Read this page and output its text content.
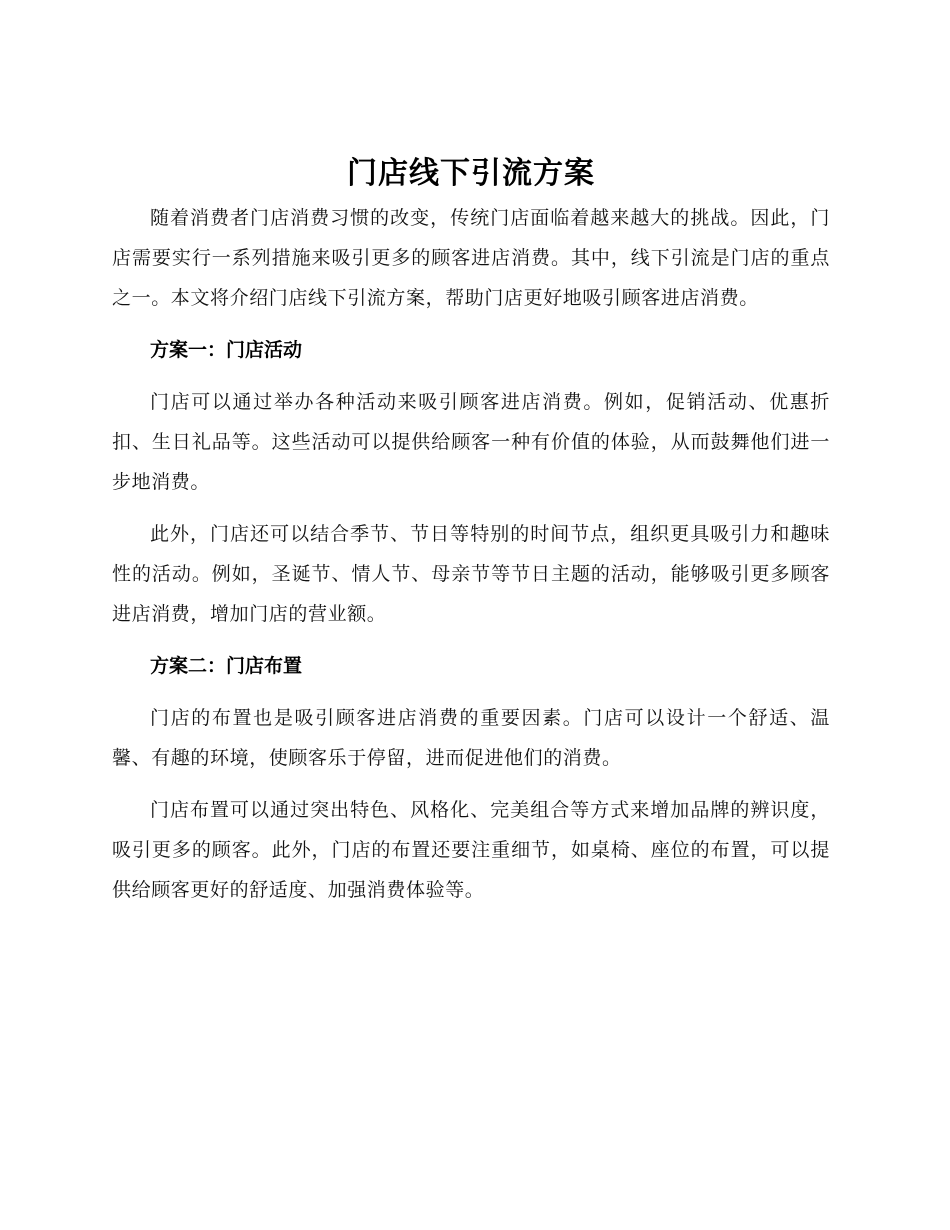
门店线下引流方案

随着消费者门店消费习惯的改变，传统门店面临着越来越大的挑战。因此，门店需要实行一系列措施来吸引更多的顾客进店消费。其中，线下引流是门店的重点之一。本文将介绍门店线下引流方案，帮助门店更好地吸引顾客进店消费。

方案一：门店活动

门店可以通过举办各种活动来吸引顾客进店消费。例如，促销活动、优惠折扣、生日礼品等。这些活动可以提供给顾客一种有价值的体验，从而鼓舞他们进一步地消费。

此外，门店还可以结合季节、节日等特别的时间节点，组织更具吸引力和趣味性的活动。例如，圣诞节、情人节、母亲节等节日主题的活动，能够吸引更多顾客进店消费，增加门店的营业额。

方案二：门店布置

门店的布置也是吸引顾客进店消费的重要因素。门店可以设计一个舒适、温馨、有趣的环境，使顾客乐于停留，进而促进他们的消费。

门店布置可以通过突出特色、风格化、完美组合等方式来增加品牌的辨识度，吸引更多的顾客。此外，门店的布置还要注重细节，如桌椅、座位的布置，可以提供给顾客更好的舒适度、加强消费体验等。
